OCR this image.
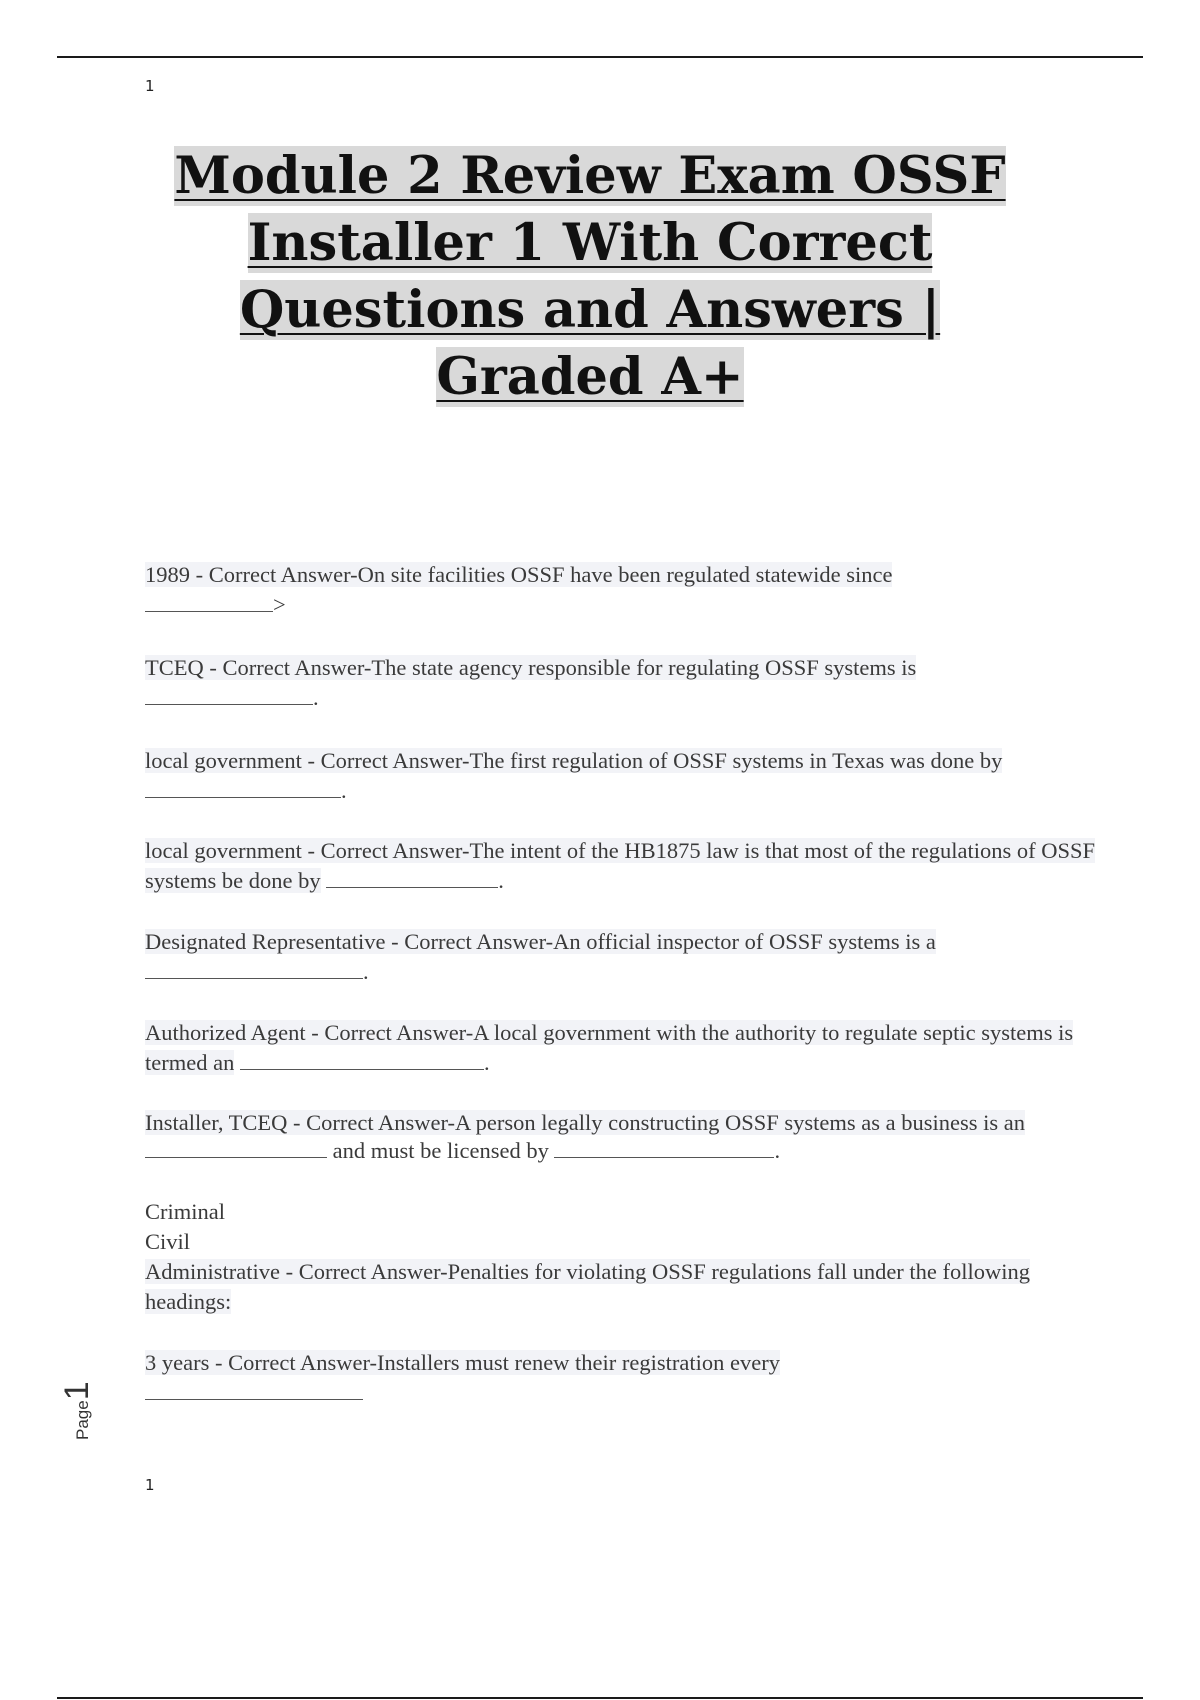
1
Module 2 Review Exam OSSF Installer 1 With Correct Questions and Answers | Graded A+

1989 - Correct Answer-On site facilities OSSF have been regulated statewide since
>

TCEQ - Correct Answer-The state agency responsible for regulating OSSF systems is
.

local government - Correct Answer-The first regulation of OSSF systems in Texas was done by .

local government - Correct Answer-The intent of the HB1875 law is that most of the regulations of OSSF systems be done by	.

Designated Representative - Correct Answer-An official inspector of OSSF systems is a
.

Authorized Agent - Correct Answer-A local government with the authority to regulate septic systems is termed an	.

Installer, TCEQ - Correct Answer-A person legally constructing OSSF systems as a business is an  and must be licensed by	.

Criminal
Civil
Administrative - Correct Answer-Penalties for violating OSSF regulations fall under the following headings:

3 years - Correct Answer-Installers must renew their registration every

Page1
1
